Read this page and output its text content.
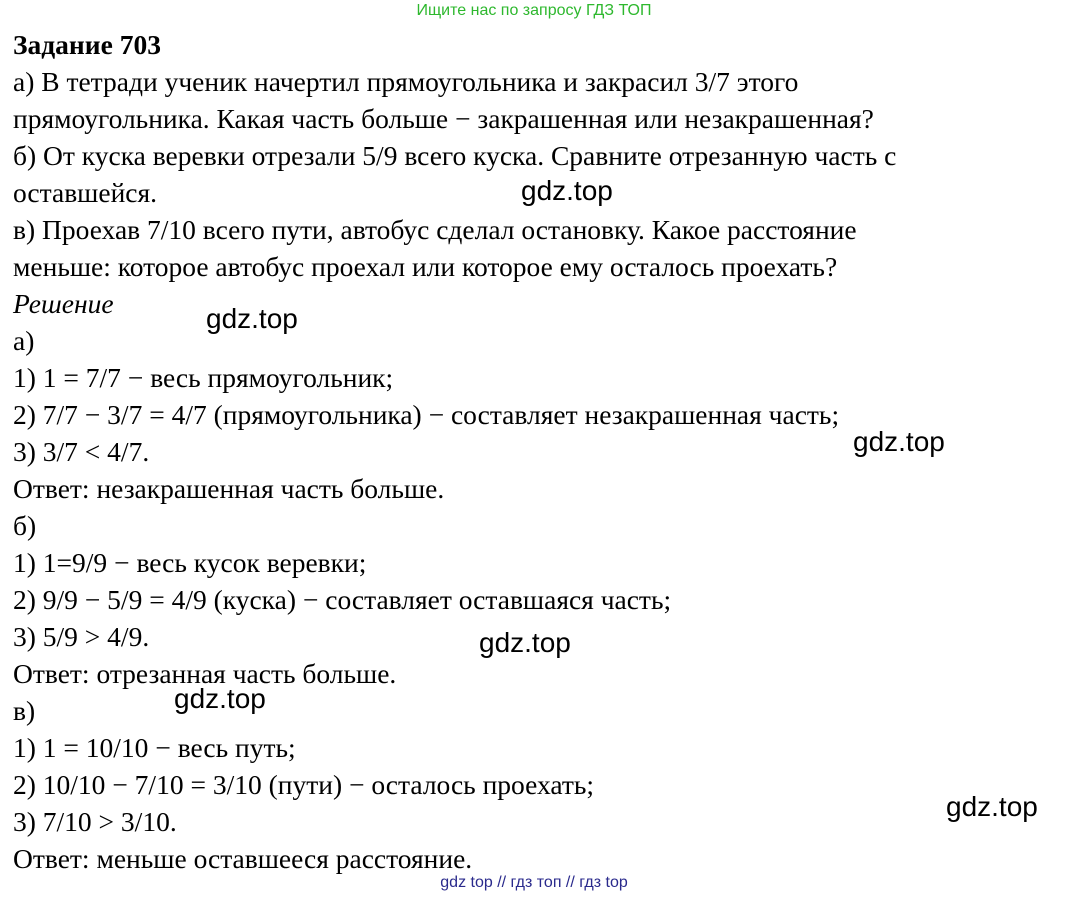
Ищите нас по запросу ГДЗ ТОП

Задание 703

а) В тетради ученик начертил прямоугольника и закрасил 3/7 этого

прямоугольника. Какая часть больше − закрашенная или незакрашенная?

б) От куска веревки отрезали 5/9 всего куска. Сравните отрезанную часть с

оставшейся.

в) Проехав 7/10 всего пути, автобус сделал остановку. Какое расстояние

меньше: которое автобус проехал или которое ему осталось проехать?

Решение

а)

1) 1 = 7/7 − весь прямоугольник;

2) 7/7 − 3/7 = 4/7 (прямоугольника) − составляет незакрашенная часть;

3) 3/7 < 4/7.

Ответ: незакрашенная часть больше.

б)

1) 1=9/9 − весь кусок веревки;

2) 9/9 − 5/9 = 4/9 (куска) − составляет оставшаяся часть;

3) 5/9 > 4/9.

Ответ: отрезанная часть больше.

в)

1) 1 = 10/10 − весь путь;

2) 10/10 − 7/10 = 3/10 (пути) − осталось проехать;

3) 7/10 > 3/10.

Ответ: меньше оставшееся расстояние.

gdz.top
gdz.top
gdz.top
gdz.top
gdz.top
gdz.top
gdz top // гдз топ // гдз top
